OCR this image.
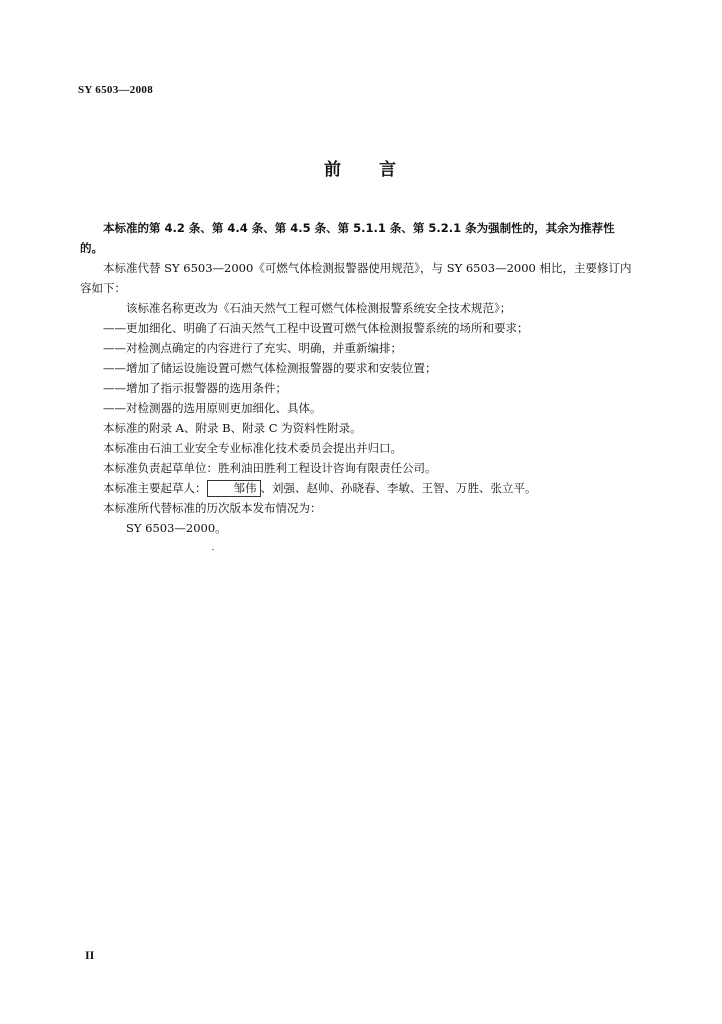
SY 6503—2008
前 言

本标准的第 4.2 条、第 4.4 条、第 4.5 条、第 5.1.1 条、第 5.2.1 条为强制性的，其余为推荐性的。

本标准代替 SY 6503—2000《可燃气体检测报警器使用规范》，与 SY 6503—2000 相比，主要修订内容如下：

该标准名称更改为《石油天然气工程可燃气体检测报警系统安全技术规范》；

——更加细化、明确了石油天然气工程中设置可燃气体检测报警系统的场所和要求；

——对检测点确定的内容进行了充实、明确，并重新编排；

——增加了储运设施设置可燃气体检测报警器的要求和安装位置；

——增加了指示报警器的选用条件；

——对检测器的选用原则更加细化、具体。

本标准的附录 A、附录 B、附录 C 为资料性附录。

本标准由石油工业安全专业标准化技术委员会提出并归口。

本标准负责起草单位：胜利油田胜利工程设计咨询有限责任公司。

本标准主要起草人： 邹伟 、刘强、赵帅、孙晓春、李敏、王智、万胜、张立平。

本标准所代替标准的历次版本发布情况为：

SY 6503—2000。

II
